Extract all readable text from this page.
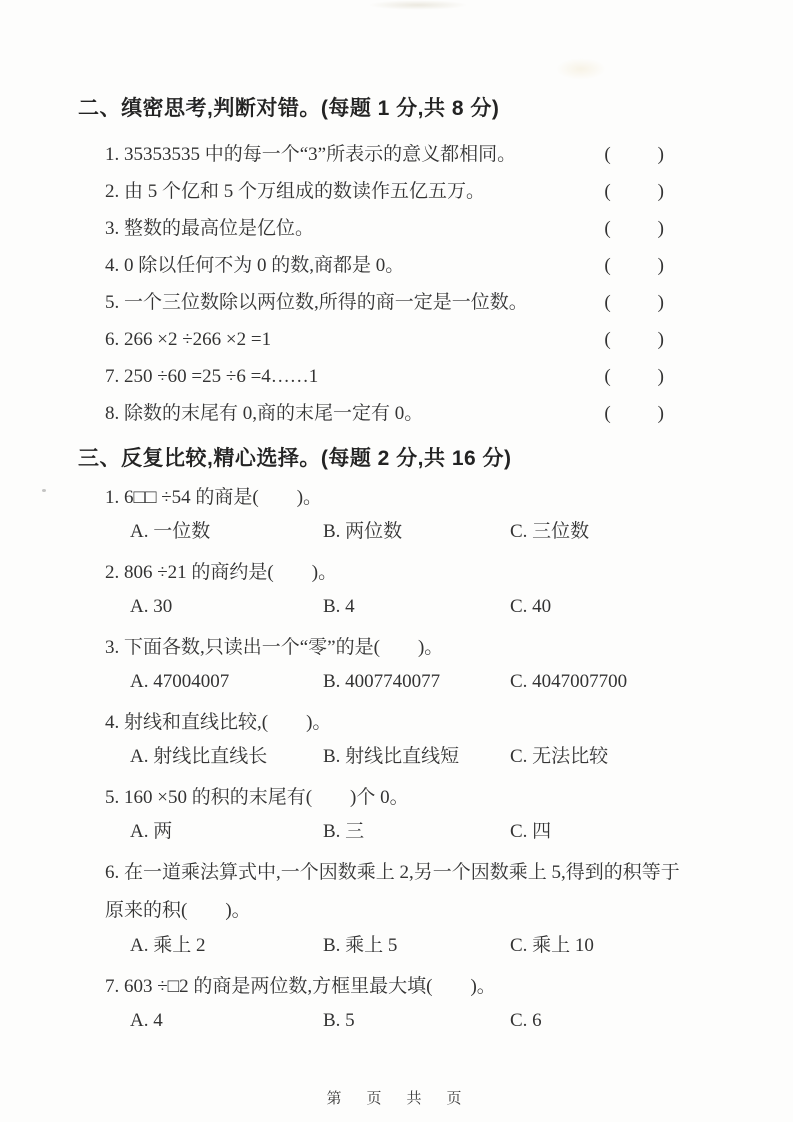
二、缜密思考,判断对错。(每题 1 分,共 8 分)
1. 35353535 中的每一个“3”所表示的意义都相同。	(        )
2. 由 5 个亿和 5 个万组成的数读作五亿五万。	(        )
3. 整数的最高位是亿位。	(        )
4. 0 除以任何不为 0 的数,商都是 0。	(        )
5. 一个三位数除以两位数,所得的商一定是一位数。	(        )
6. 266 ×2 ÷266 ×2 =1	(        )
7. 250 ÷60 =25 ÷6 =4……1	(        )
8. 除数的末尾有 0,商的末尾一定有 0。	(        )
三、反复比较,精心选择。(每题 2 分,共 16 分)
1. 6□□ ÷54 的商是(        )。
A. 一位数	B. 两位数	C. 三位数
2. 806 ÷21 的商约是(        )。
A. 30	B. 4	C. 40
3. 下面各数,只读出一个“零”的是(        )。
A. 47004007	B. 4007740077	C. 4047007700
4. 射线和直线比较,(        )。
A. 射线比直线长	B. 射线比直线短	C. 无法比较
5. 160 ×50 的积的末尾有(        )个 0。
A. 两	B. 三	C. 四
6. 在一道乘法算式中,一个因数乘上 2,另一个因数乘上 5,得到的积等于原来的积(        )。
A. 乘上 2	B. 乘上 5	C. 乘上 10
7. 603 ÷□2 的商是两位数,方框里最大填(        )。
A. 4	B. 5	C. 6
第　页　共　页
